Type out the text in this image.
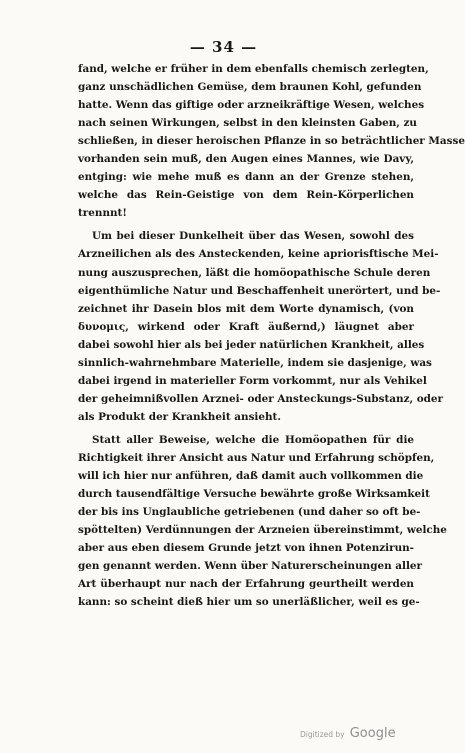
— 34 —
fand, welche er früher in dem ebenfalls chemisch zerlegten,
ganz unschädlichen Gemüse, dem braunen Kohl, gefunden
hatte. Wenn das giftige oder arzneikräftige Wesen, welches
nach seinen Wirkungen, selbst in den kleinsten Gaben, zu
schließen, in dieser heroischen Pflanze in so beträchtlicher Masse
vorhanden sein muß, den Augen eines Mannes, wie Davy,
entging: wie mehe muß es dann an der Grenze stehen,
welche das Rein-Geistige von dem Rein-Körperlichen
trennnt!
Um bei dieser Dunkelheit über das Wesen, sowohl des
Arzneilichen als des Ansteckenden, keine apriorisftische Mei-
nung auszusprechen, läßt die homöopathische Schule deren
eigenthümliche Natur und Beschaffenheit unerörtert, und be-
zeichnet ihr Dasein blos mit dem Worte dynamisch, (von
δυνομις, wirkend oder Kraft äußernd,) läugnet aber
dabei sowohl hier als bei jeder natürlichen Krankheit, alles
sinnlich-wahrnehmbare Materielle, indem sie dasjenige, was
dabei irgend in materieller Form vorkommt, nur als Vehikel
der geheimnißvollen Arznei- oder Ansteckungs-Substanz, oder
als Produkt der Krankheit ansieht.
Statt aller Beweise, welche die Homöopathen für die
Richtigkeit ihrer Ansicht aus Natur und Erfahrung schöpfen,
will ich hier nur anführen, daß damit auch vollkommen die
durch tausendfältige Versuche bewährte große Wirksamkeit
der bis ins Unglaubliche getriebenen (und daher so oft be-
spöttelten) Verdünnungen der Arzneien übereinstimmt, welche
aber aus eben diesem Grunde jetzt von ihnen Potenzirun-
gen genannt werden. Wenn über Naturerscheinungen aller
Art überhaupt nur nach der Erfahrung geurtheilt werden
kann: so scheint dieß hier um so unerläßlicher, weil es ge-
Digitized by Google
